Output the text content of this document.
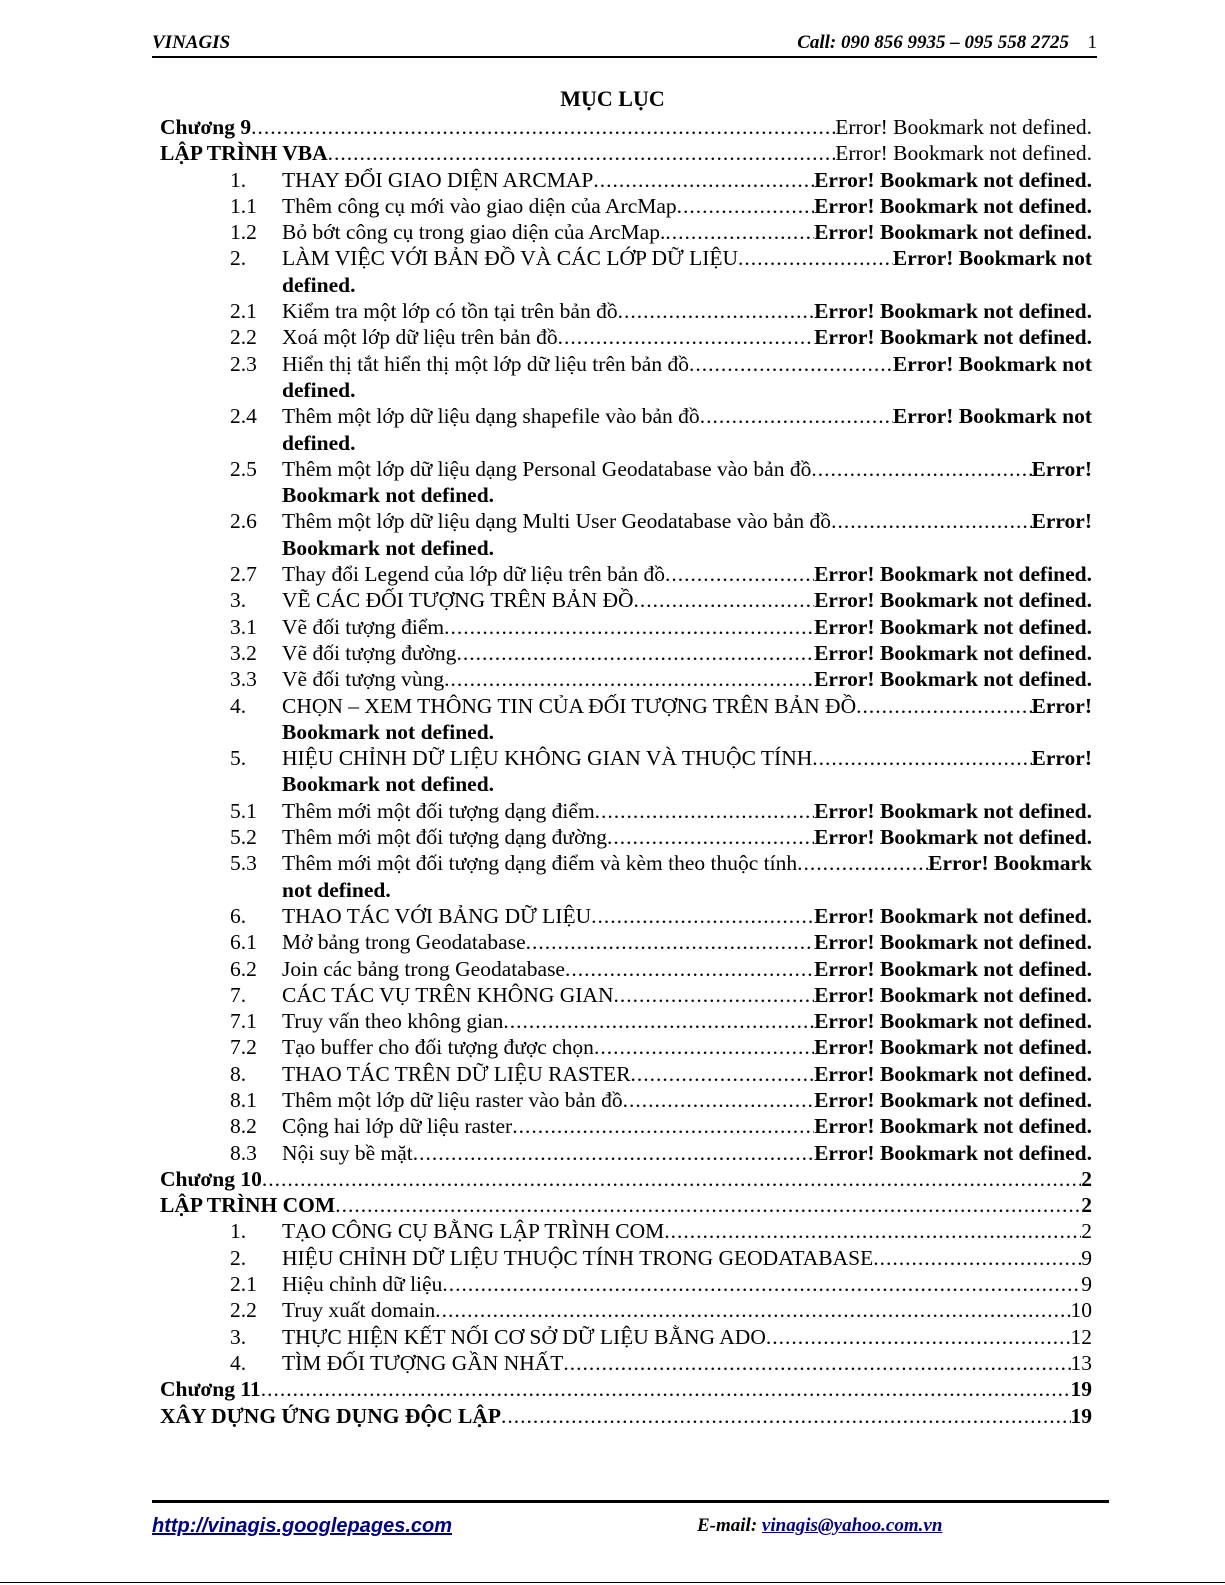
VINAGIS	Call: 090 856 9935 – 095 558 2725 1
MỤC LỤC
Chương 9 .....	Error! Bookmark not defined.
LẬP TRÌNH VBA .....	Error! Bookmark not defined.
1.	THAY ĐỔI GIAO DIỆN ARCMAP .....	Error! Bookmark not defined.
1.1	Thêm công cụ mới vào giao diện của ArcMap .....	Error! Bookmark not defined.
1.2	Bỏ bớt công cụ trong giao diện của ArcMap. .....	Error! Bookmark not defined.
2.	LÀM VIỆC VỚI BẢN ĐỒ VÀ CÁC LỚP DỮ LIỆU .....	Error! Bookmark not
defined.
2.1	Kiểm tra một lớp có tồn tại trên bản đồ .....	Error! Bookmark not defined.
2.2	Xoá một lớp dữ liệu trên bản đồ .....	Error! Bookmark not defined.
2.3	Hiển thị tắt hiển thị một lớp dữ liệu trên bản đồ .....	Error! Bookmark not
defined.
2.4	Thêm một lớp dữ liệu dạng shapefile vào bản đồ .....	Error! Bookmark not
defined.
2.5	Thêm một lớp dữ liệu dạng Personal Geodatabase vào bản đồ .....	Error!
Bookmark not defined.
2.6	Thêm một lớp dữ liệu dạng Multi User Geodatabase vào bản đồ .....	Error!
Bookmark not defined.
2.7	Thay đổi Legend của lớp dữ liệu trên bản đồ .....	Error! Bookmark not defined.
3.	VẼ CÁC ĐỐI TƯỢNG TRÊN BẢN ĐỒ .....	Error! Bookmark not defined.
3.1	Vẽ đối tượng điểm .....	Error! Bookmark not defined.
3.2	Vẽ đối tượng đường .....	Error! Bookmark not defined.
3.3	Vẽ đối tượng vùng .....	Error! Bookmark not defined.
4.	CHỌN – XEM THÔNG TIN CỦA ĐỐI TƯỢNG TRÊN BẢN ĐỒ .....	Error!
Bookmark not defined.
5.	HIỆU CHỈNH DỮ LIỆU KHÔNG GIAN VÀ THUỘC TÍNH .....	Error!
Bookmark not defined.
5.1	Thêm mới một đối tượng dạng điểm .....	Error! Bookmark not defined.
5.2	Thêm mới một đối tượng dạng đường .....	Error! Bookmark not defined.
5.3	Thêm mới một đối tượng dạng điểm và kèm theo thuộc tính .....	Error! Bookmark
not defined.
6.	THAO TÁC VỚI BẢNG DỮ LIỆU .....	Error! Bookmark not defined.
6.1	Mở bảng trong Geodatabase .....	Error! Bookmark not defined.
6.2	Join các bảng trong Geodatabase .....	Error! Bookmark not defined.
7.	CÁC TÁC VỤ TRÊN KHÔNG GIAN .....	Error! Bookmark not defined.
7.1	Truy vấn theo không gian .....	Error! Bookmark not defined.
7.2	Tạo buffer cho đối tượng được chọn .....	Error! Bookmark not defined.
8.	THAO TÁC TRÊN DỮ LIỆU RASTER .....	Error! Bookmark not defined.
8.1	Thêm một lớp dữ liệu raster vào bản đồ .....	Error! Bookmark not defined.
8.2	Cộng hai lớp dữ liệu raster .....	Error! Bookmark not defined.
8.3	Nội suy bề mặt .....	Error! Bookmark not defined.
Chương 10 .....	2
LẬP TRÌNH COM .....	2
1.	TẠO CÔNG CỤ BẰNG LẬP TRÌNH COM .....	2
2.	HIỆU CHỈNH DỮ LIỆU THUỘC TÍNH TRONG GEODATABASE .....	9
2.1	Hiệu chỉnh dữ liệu .....	9
2.2	Truy xuất domain .....	10
3.	THỰC HIỆN KẾT NỐI CƠ SỞ DỮ LIỆU BẰNG ADO .....	12
4.	TÌM ĐỐI TƯỢNG GẦN NHẤT .....	13
Chương 11 .....	19
XÂY DỰNG ỨNG DỤNG ĐỘC LẬP .....	19
http://vinagis.googlepages.com	E-mail: vinagis@yahoo.com.vn
